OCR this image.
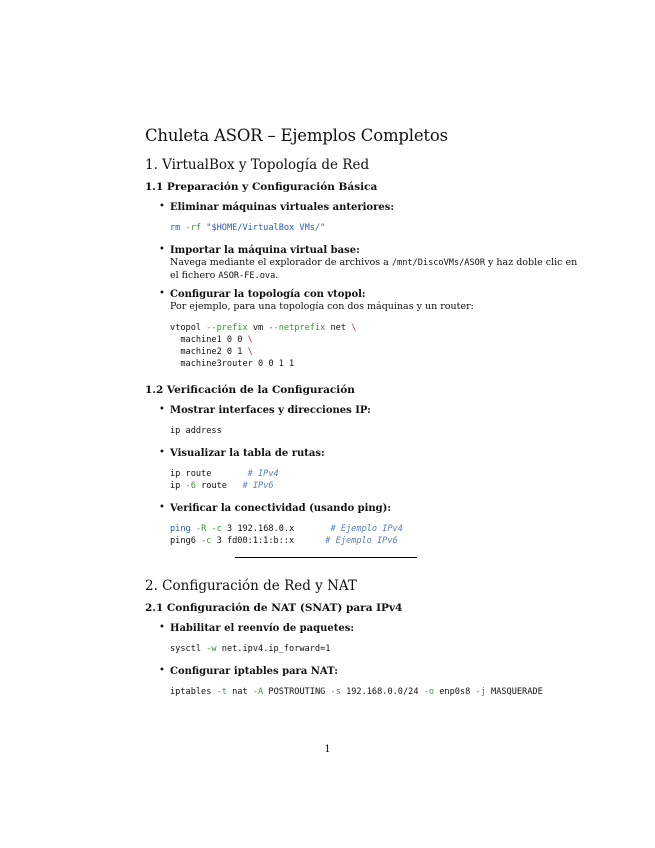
Chuleta ASOR – Ejemplos Completos
1. VirtualBox y Topología de Red
1.1 Preparación y Configuración Básica
• Eliminar máquinas virtuales anteriores:
rm -rf "$HOME/VirtualBox VMs/"
• Importar la máquina virtual base:
Navega mediante el explorador de archivos a /mnt/DiscoVMs/ASOR y haz doble clic en el fichero ASOR-FE.ova.
• Configurar la topología con vtopol:
Por ejemplo, para una topología con dos máquinas y un router:
vtopol --prefix vm --netprefix net \
machine1 0 0 \
machine2 0 1 \
machine3router 0 0 1 1
1.2 Verificación de la Configuración
• Mostrar interfaces y direcciones IP:
ip address
• Visualizar la tabla de rutas:
ip route	# IPv4
ip -6 route # IPv6
• Verificar la conectividad (usando ping):
ping -R -c 3 192.168.0.x	# Ejemplo IPv4
ping6 -c 3 fd00:1:1:b::x	# Ejemplo IPv6
2. Configuración de Red y NAT
2.1 Configuración de NAT (SNAT) para IPv4
• Habilitar el reenvío de paquetes:
sysctl -w net.ipv4.ip_forward=1
• Configurar iptables para NAT:
iptables -t nat -A POSTROUTING -s 192.168.0.0/24 -o enp0s8 -j MASQUERADE
1
